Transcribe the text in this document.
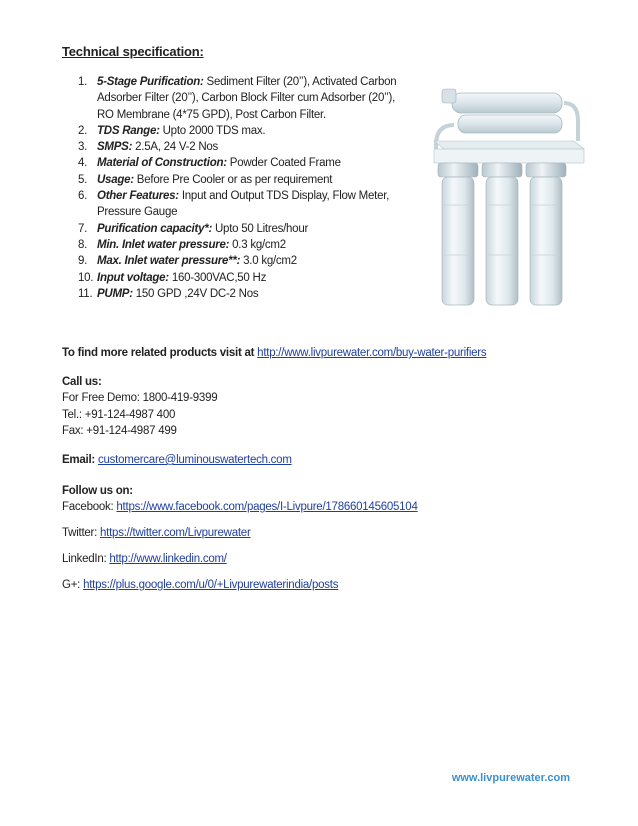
Technical specification:
1. 5-Stage Purification: Sediment Filter (20’’), Activated Carbon Adsorber Filter (20’’), Carbon Block Filter cum Adsorber (20’’), RO Membrane (4*75 GPD), Post Carbon Filter.
2. TDS Range: Upto 2000 TDS max.
3. SMPS: 2.5A, 24 V-2 Nos
4. Material of Construction: Powder Coated Frame
5. Usage: Before Pre Cooler or as per requirement
6. Other Features: Input and Output TDS Display, Flow Meter, Pressure Gauge
7. Purification capacity*: Upto 50 Litres/hour
8. Min. Inlet water pressure: 0.3 kg/cm2
9. Max. Inlet water pressure**: 3.0 kg/cm2
10. Input voltage: 160-300VAC,50 Hz
11. PUMP: 150 GPD ,24V DC-2 Nos
To find more related products visit at http://www.livpurewater.com/buy-water-purifiers
Call us:
For Free Demo: 1800-419-9399
Tel.: +91-124-4987 400
Fax: +91-124-4987 499
Email: customercare@luminouswatertech.com
Follow us on:
Facebook: https://www.facebook.com/pages/I-Livpure/178660145605104
Twitter: https://twitter.com/Livpurewater
LinkedIn: http://www.linkedin.com/
G+: https://plus.google.com/u/0/+Livpurewaterindia/posts
www.livpurewater.com
